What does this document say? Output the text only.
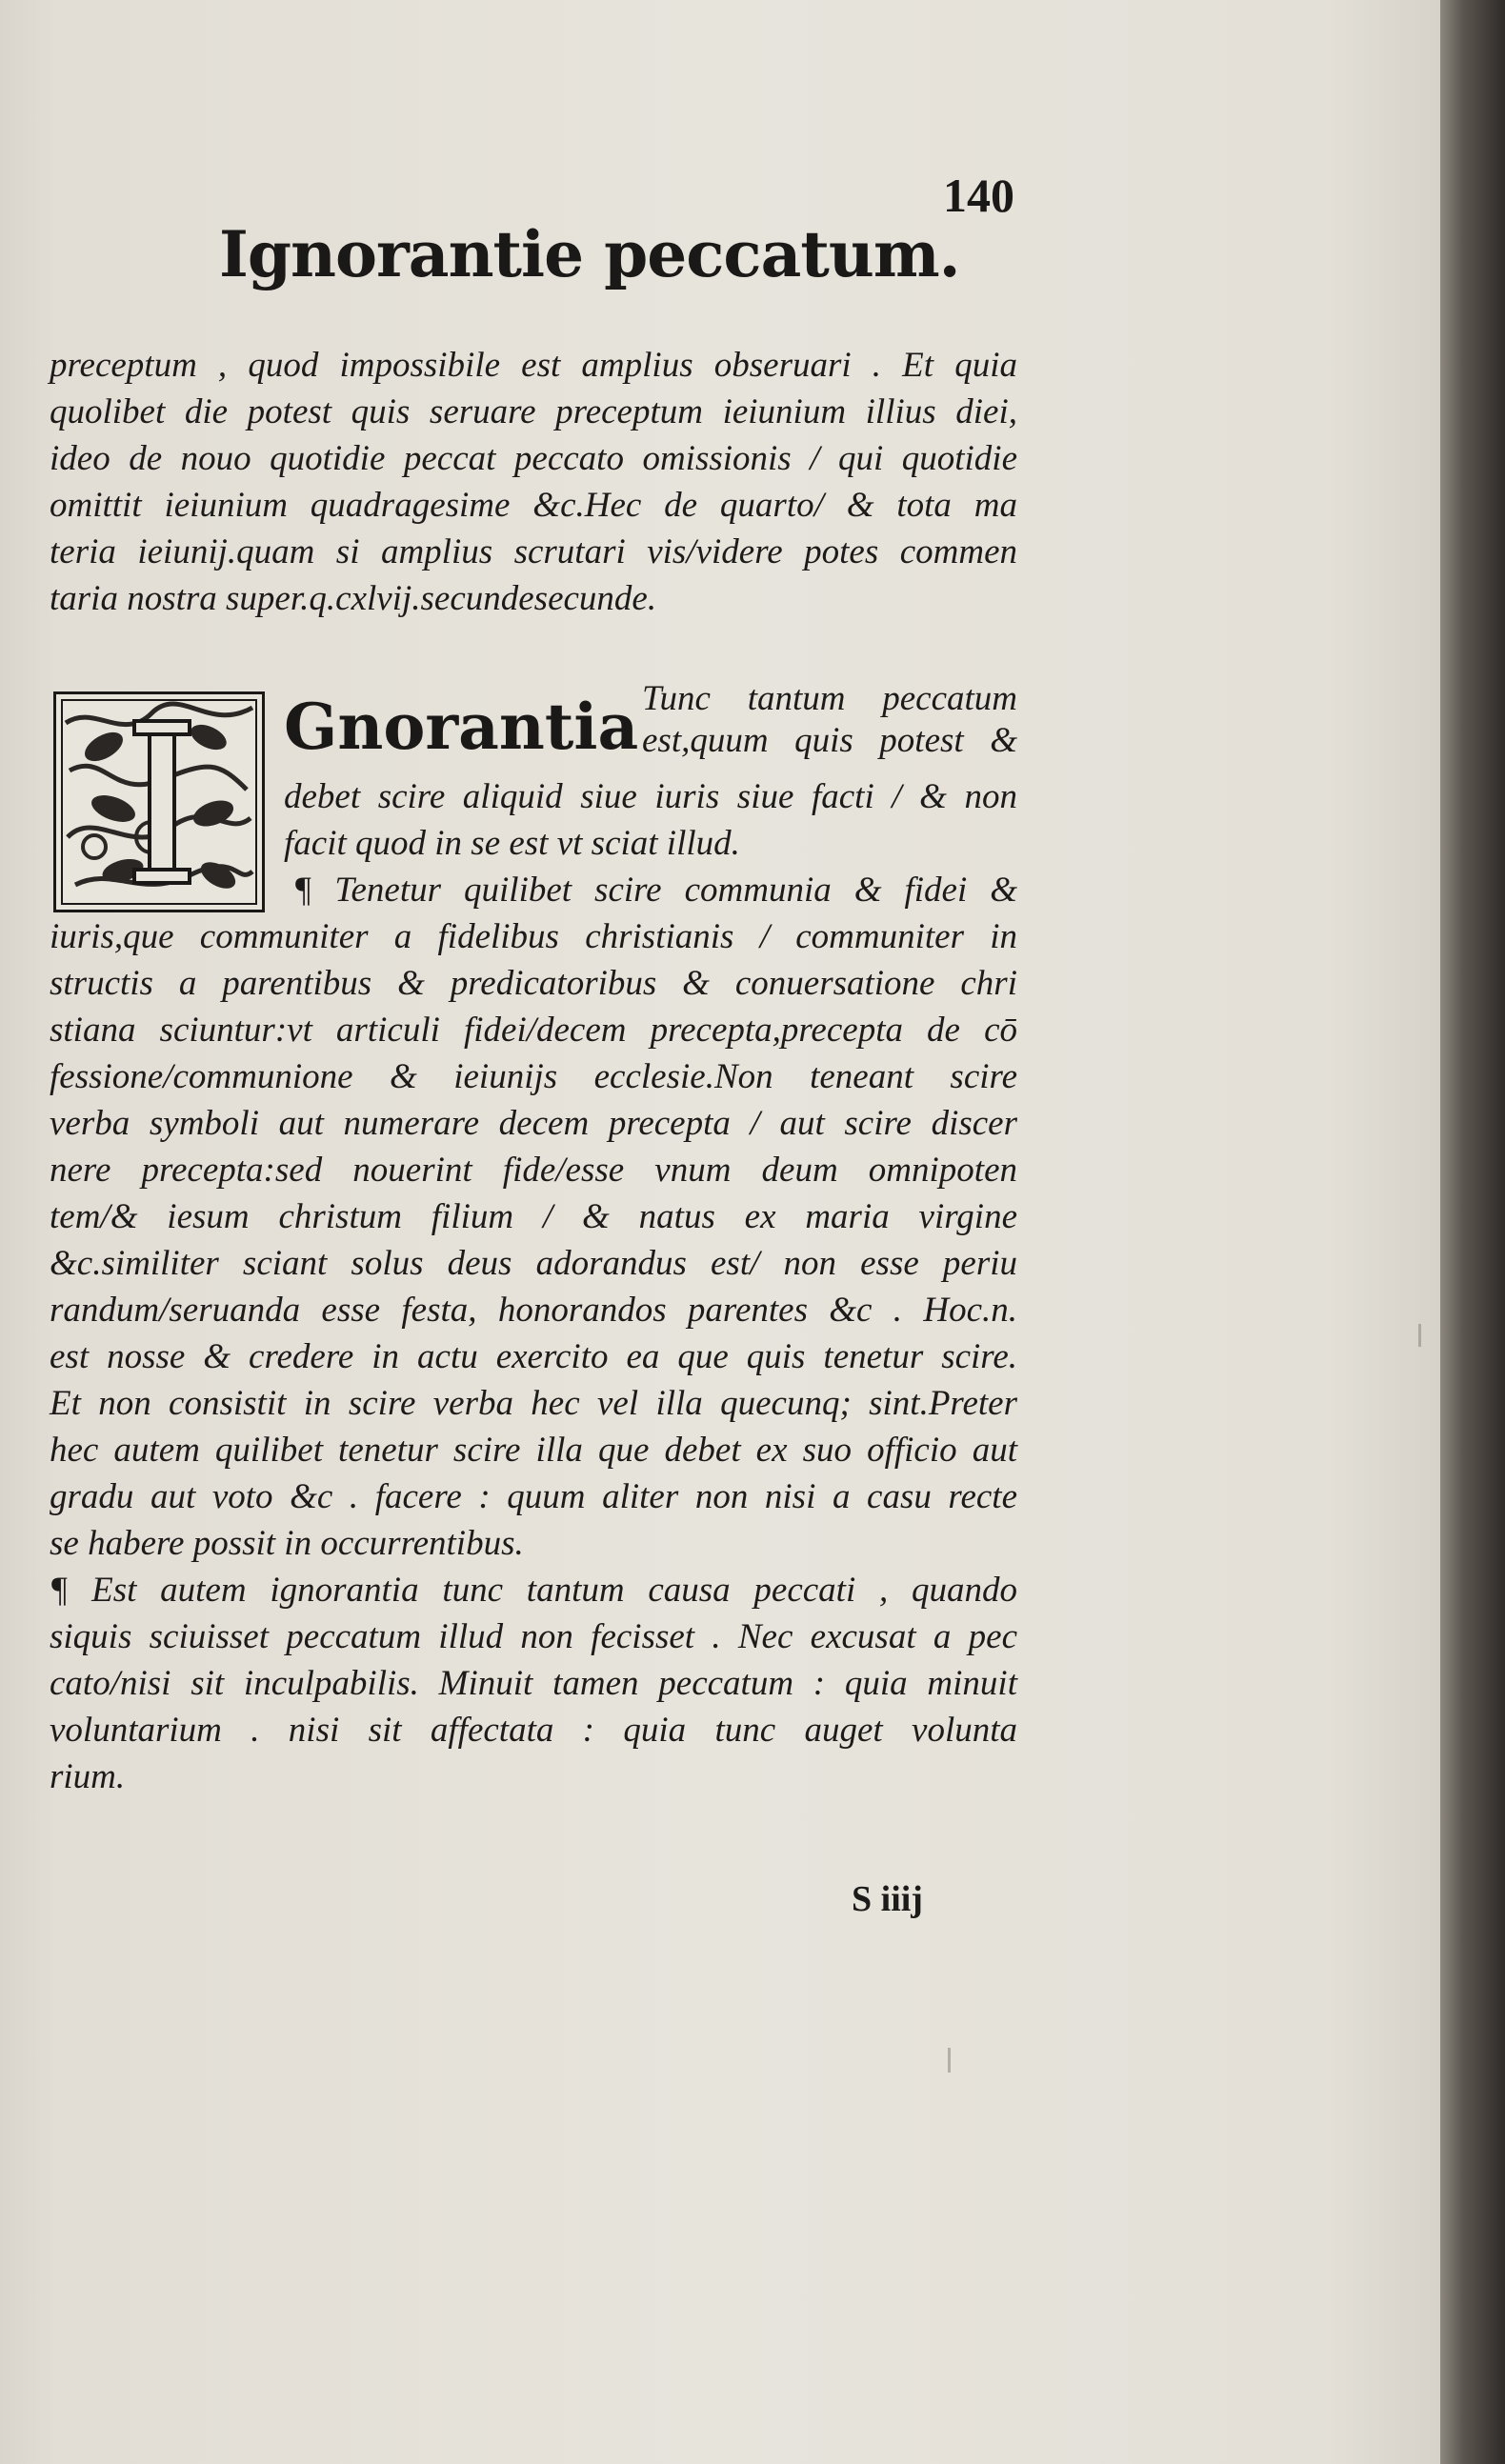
Ignorantie peccatum.
140
preceptum , quod impossibile est amplius obseruari . Et quia
quolibet die potest quis seruare preceptum ieiunium illius diei,
ideo de nouo quotidie peccat peccato omissionis / qui quotidie
omittit ieiunium quadragesime &c.Hec de quarto/ & tota ma
teria ieiunij.quam si amplius scrutari vis/videre potes commen
taria nostra super.q.cxlvij.secundesecunde.
Gnorantia Tunc tantum peccatum
est,quum quis potest &
debet scire aliquid siue iuris siue facti / & non
facit quod in se est vt sciat illud.
¶ Tenetur quilibet scire communia & fidei &
iuris,que communiter a fidelibus christianis / communiter in
structis a parentibus & predicatoribus & conuersatione chri
stiana sciuntur:vt articuli fidei/decem precepta,precepta de cō
fessione/communione & ieiunijs ecclesie.Non teneant scire
verba symboli aut numerare decem precepta / aut scire discer
nere precepta:sed nouerint fide/esse vnum deum omnipoten
tem/& iesum christum filium / & natus ex maria virgine
&c.similiter sciant solus deus adorandus est/ non esse periu
randum/seruanda esse festa, honorandos parentes &c . Hoc.n.
est nosse & credere in actu exercito ea que quis tenetur scire.
Et non consistit in scire verba hec vel illa quecunq; sint.Preter
hec autem quilibet tenetur scire illa que debet ex suo officio aut
gradu aut voto &c . facere : quum aliter non nisi a casu recte
se habere possit in occurrentibus.
¶ Est autem ignorantia tunc tantum causa peccati , quando
siquis sciuisset peccatum illud non fecisset . Nec excusat a pec
cato/nisi sit inculpabilis. Minuit tamen peccatum : quia minuit
voluntarium . nisi sit affectata : quia tunc auget volunta
rium.
S iiij
